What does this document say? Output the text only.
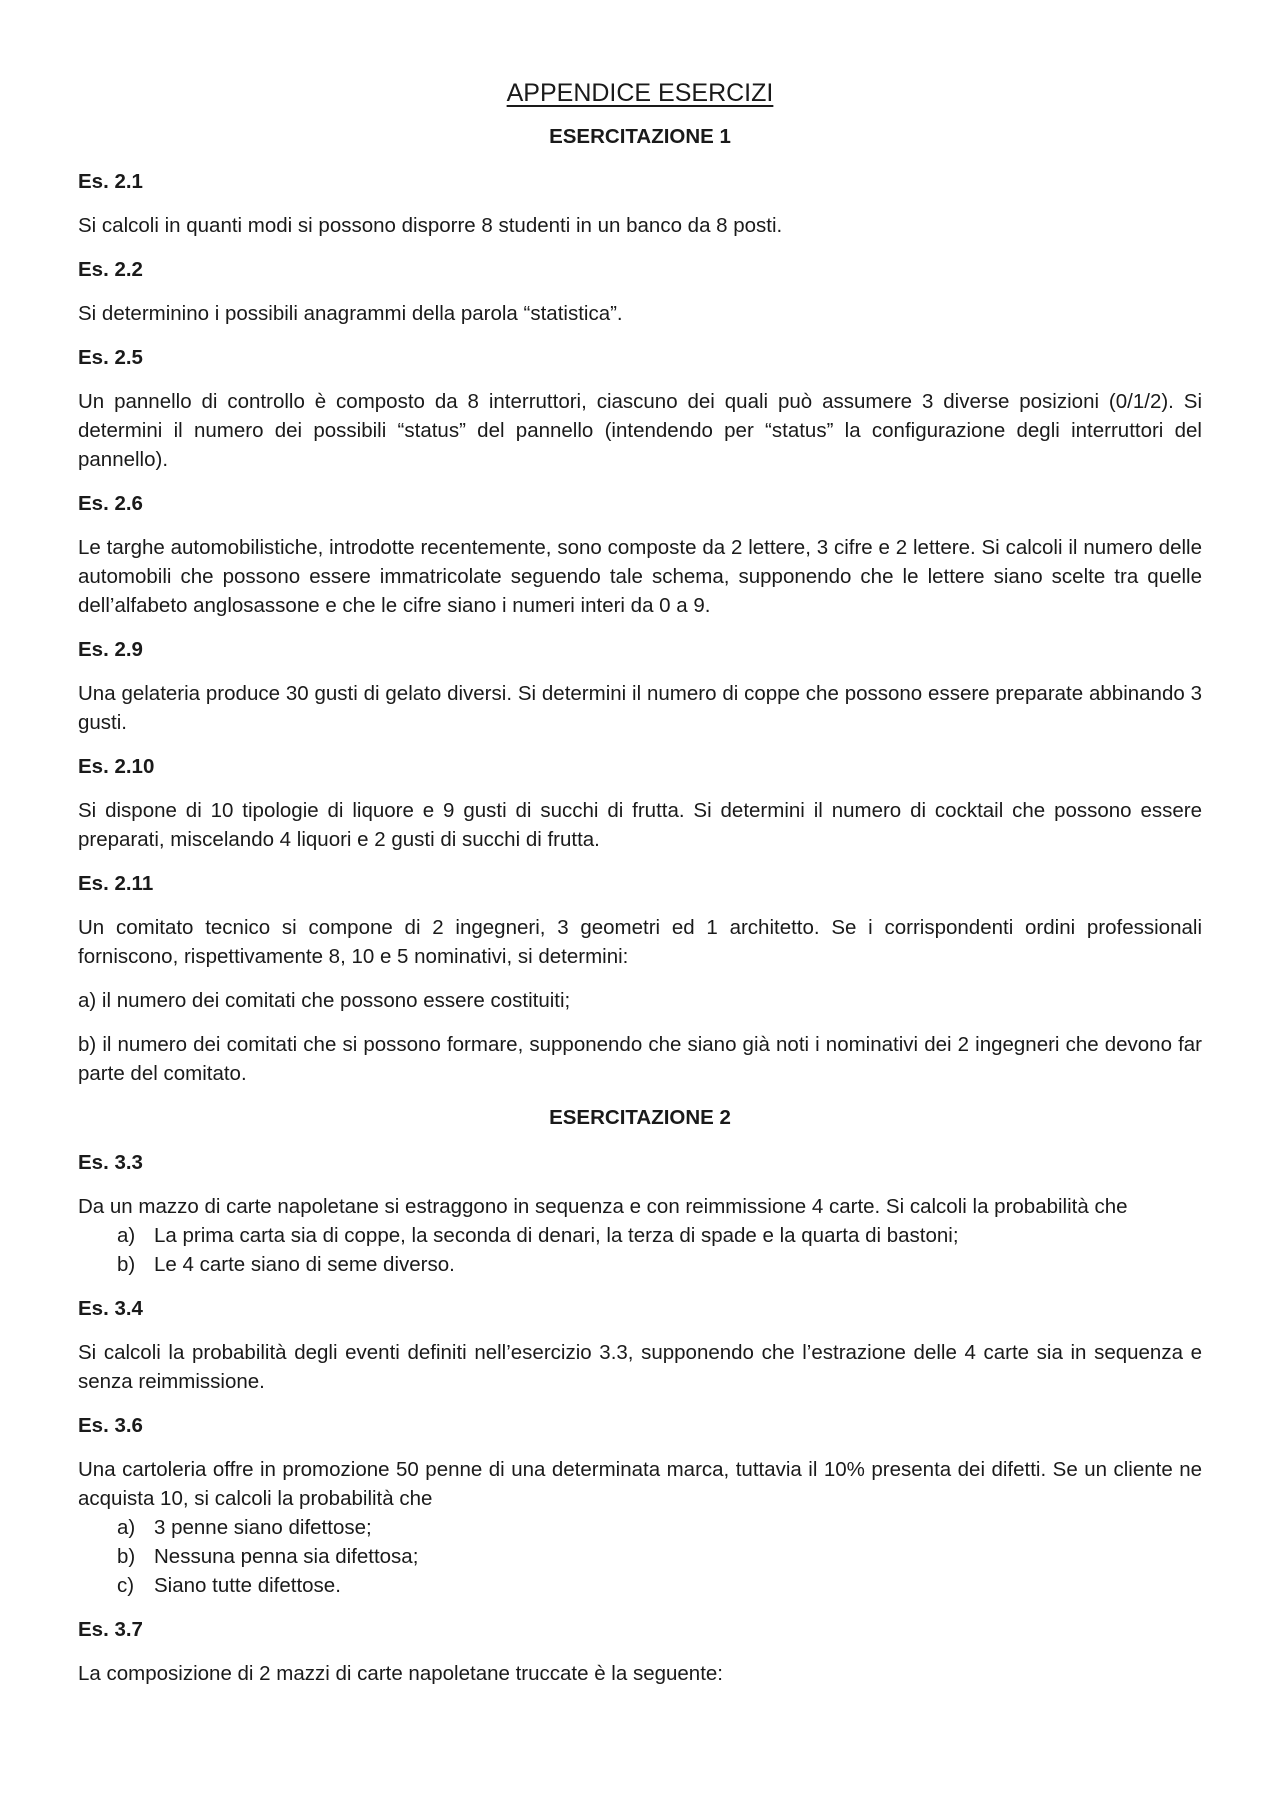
APPENDICE ESERCIZI
ESERCITAZIONE 1
Es. 2.1

Si calcoli in quanti modi si possono disporre 8 studenti in un banco da 8 posti.

Es. 2.2

Si determinino i possibili anagrammi della parola “statistica”.

Es. 2.5

Un pannello di controllo è composto da 8 interruttori, ciascuno dei quali può assumere 3 diverse posizioni (0/1/2). Si determini il numero dei possibili “status” del pannello (intendendo per “status” la configurazione degli interruttori del pannello).

Es. 2.6

Le targhe automobilistiche, introdotte recentemente, sono composte da 2 lettere, 3 cifre e 2 lettere. Si calcoli il numero delle automobili che possono essere immatricolate seguendo tale schema, supponendo che le lettere siano scelte tra quelle dell’alfabeto anglosassone e che le cifre siano i numeri interi da 0 a 9.

Es. 2.9

Una gelateria produce 30 gusti di gelato diversi. Si determini il numero di coppe che possono essere preparate abbinando 3 gusti.

Es. 2.10

Si dispone di 10 tipologie di liquore e 9 gusti di succhi di frutta. Si determini il numero di cocktail che possono essere preparati, miscelando 4 liquori e 2 gusti di succhi di frutta.

Es. 2.11

Un comitato tecnico si compone di 2 ingegneri, 3 geometri ed 1 architetto. Se i corrispondenti ordini professionali forniscono, rispettivamente 8, 10 e 5 nominativi, si determini:

a) il numero dei comitati che possono essere costituiti;

b) il numero dei comitati che si possono formare, supponendo che siano già noti i nominativi dei 2 ingegneri che devono far parte del comitato.

ESERCITAZIONE 2
Es. 3.3

Da un mazzo di carte napoletane si estraggono in sequenza e con reimmissione 4 carte. Si calcoli la probabilità che

a) La prima carta sia di coppe, la seconda di denari, la terza di spade e la quarta di bastoni;
b) Le 4 carte siano di seme diverso.
Es. 3.4

Si calcoli la probabilità degli eventi definiti nell’esercizio 3.3, supponendo che l’estrazione delle 4 carte sia in sequenza e senza reimmissione.

Es. 3.6

Una cartoleria offre in promozione 50 penne di una determinata marca, tuttavia il 10% presenta dei difetti. Se un cliente ne acquista 10, si calcoli la probabilità che

a) 3 penne siano difettose;
b) Nessuna penna sia difettosa;
c) Siano tutte difettose.
Es. 3.7

La composizione di 2 mazzi di carte napoletane truccate è la seguente:
